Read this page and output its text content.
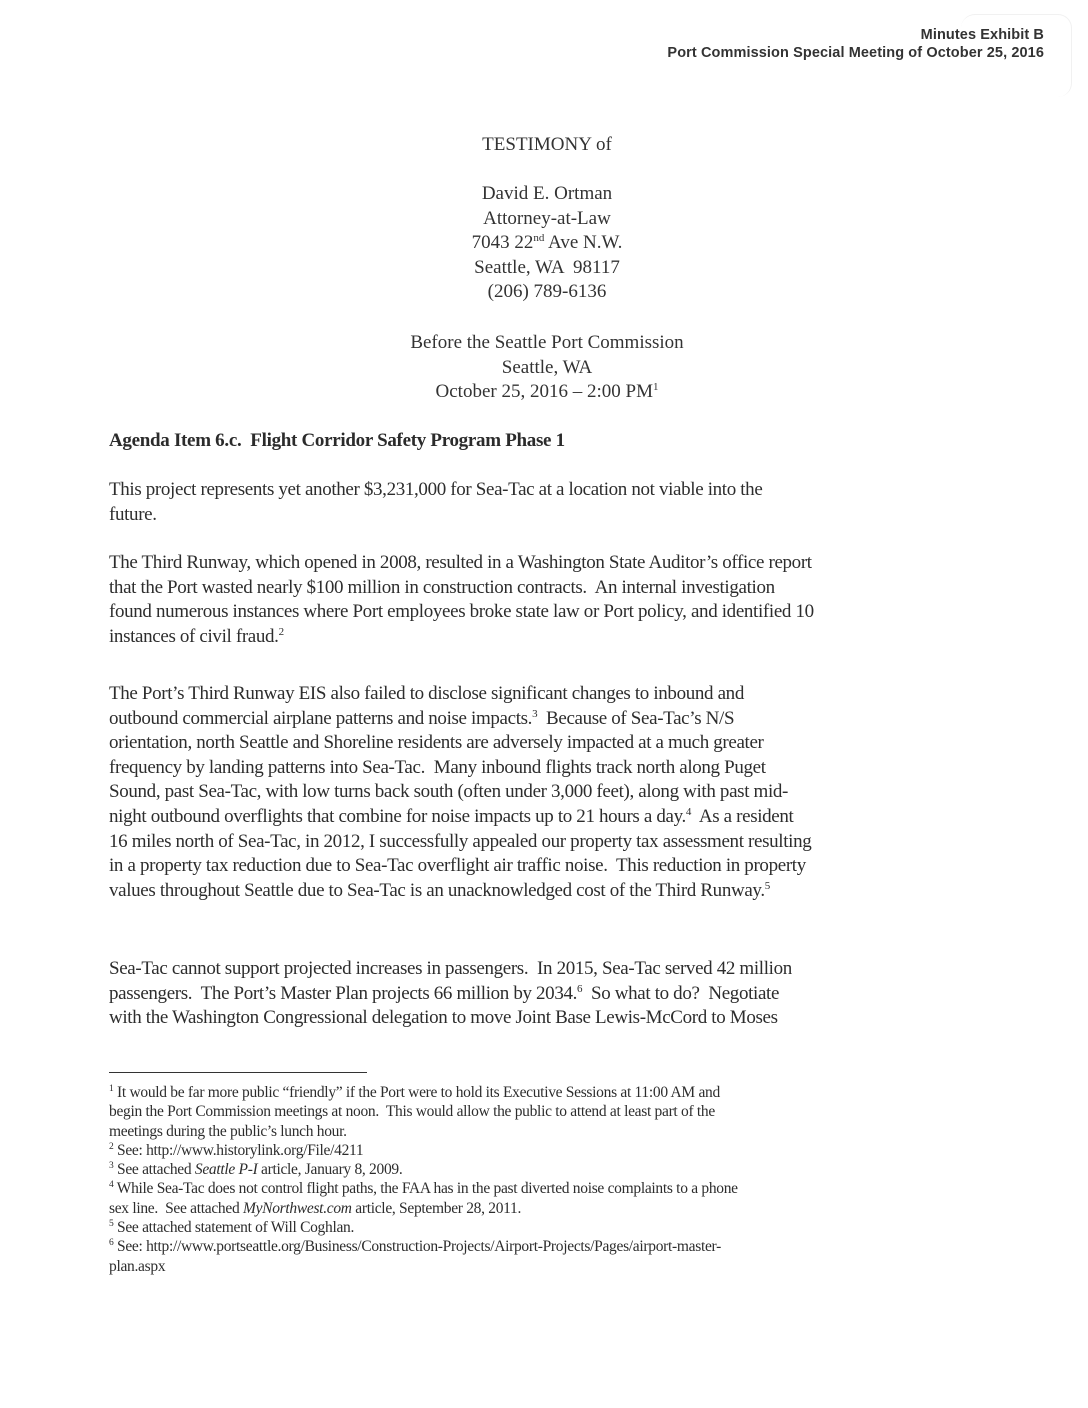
Minutes Exhibit B
Port Commission Special Meeting of October 25, 2016
TESTIMONY of
David E. Ortman
Attorney-at-Law
7043 22nd Ave N.W.
Seattle, WA  98117
(206) 789-6136
Before the Seattle Port Commission
Seattle, WA
October 25, 2016 – 2:00 $PM^1$
Agenda Item 6.c.  Flight Corridor Safety Program Phase 1
This project represents yet another $3,231,000 for Sea-Tac at a location not viable into the
future.
The Third Runway, which opened in 2008, resulted in a Washington State Auditor’s office report
that the Port wasted nearly $100 million in construction contracts.  An internal investigation
found numerous instances where Port employees broke state law or Port policy, and identified 10
instances of civil fraud.$^2$
The Port’s Third Runway EIS also failed to disclose significant changes to inbound and
outbound commercial airplane patterns and noise impacts.$^3$  Because of Sea-Tac’s N/S
orientation, north Seattle and Shoreline residents are adversely impacted at a much greater
frequency by landing patterns into Sea-Tac.  Many inbound flights track north along Puget
Sound, past Sea-Tac, with low turns back south (often under 3,000 feet), along with past mid-
night outbound overflights that combine for noise impacts up to 21 hours a day.$^4$  As a resident
16 miles north of Sea-Tac, in 2012, I successfully appealed our property tax assessment resulting
in a property tax reduction due to Sea-Tac overflight air traffic noise.  This reduction in property
values throughout Seattle due to Sea-Tac is an unacknowledged cost of the Third Runway.$^5$
Sea-Tac cannot support projected increases in passengers.  In 2015, Sea-Tac served 42 million
passengers.  The Port’s Master Plan projects 66 million by 2034.$^6$  So what to do?  Negotiate
with the Washington Congressional delegation to move Joint Base Lewis-McCord to Moses
$^1$ It would be far more public “friendly” if the Port were to hold its Executive Sessions at 11:00 AM and
begin the Port Commission meetings at noon.  This would allow the public to attend at least part of the
meetings during the public’s lunch hour.
$^2$ See: http://www.historylink.org/File/4211
$^3$ See attached Seattle P-I article, January 8, 2009.
$^4$ While Sea-Tac does not control flight paths, the FAA has in the past diverted noise complaints to a phone
sex line.  See attached MyNorthwest.com article, September 28, 2011.
$^5$ See attached statement of Will Coghlan.
$^6$ See: http://www.portseattle.org/Business/Construction-Projects/Airport-Projects/Pages/airport-master-
plan.aspx
